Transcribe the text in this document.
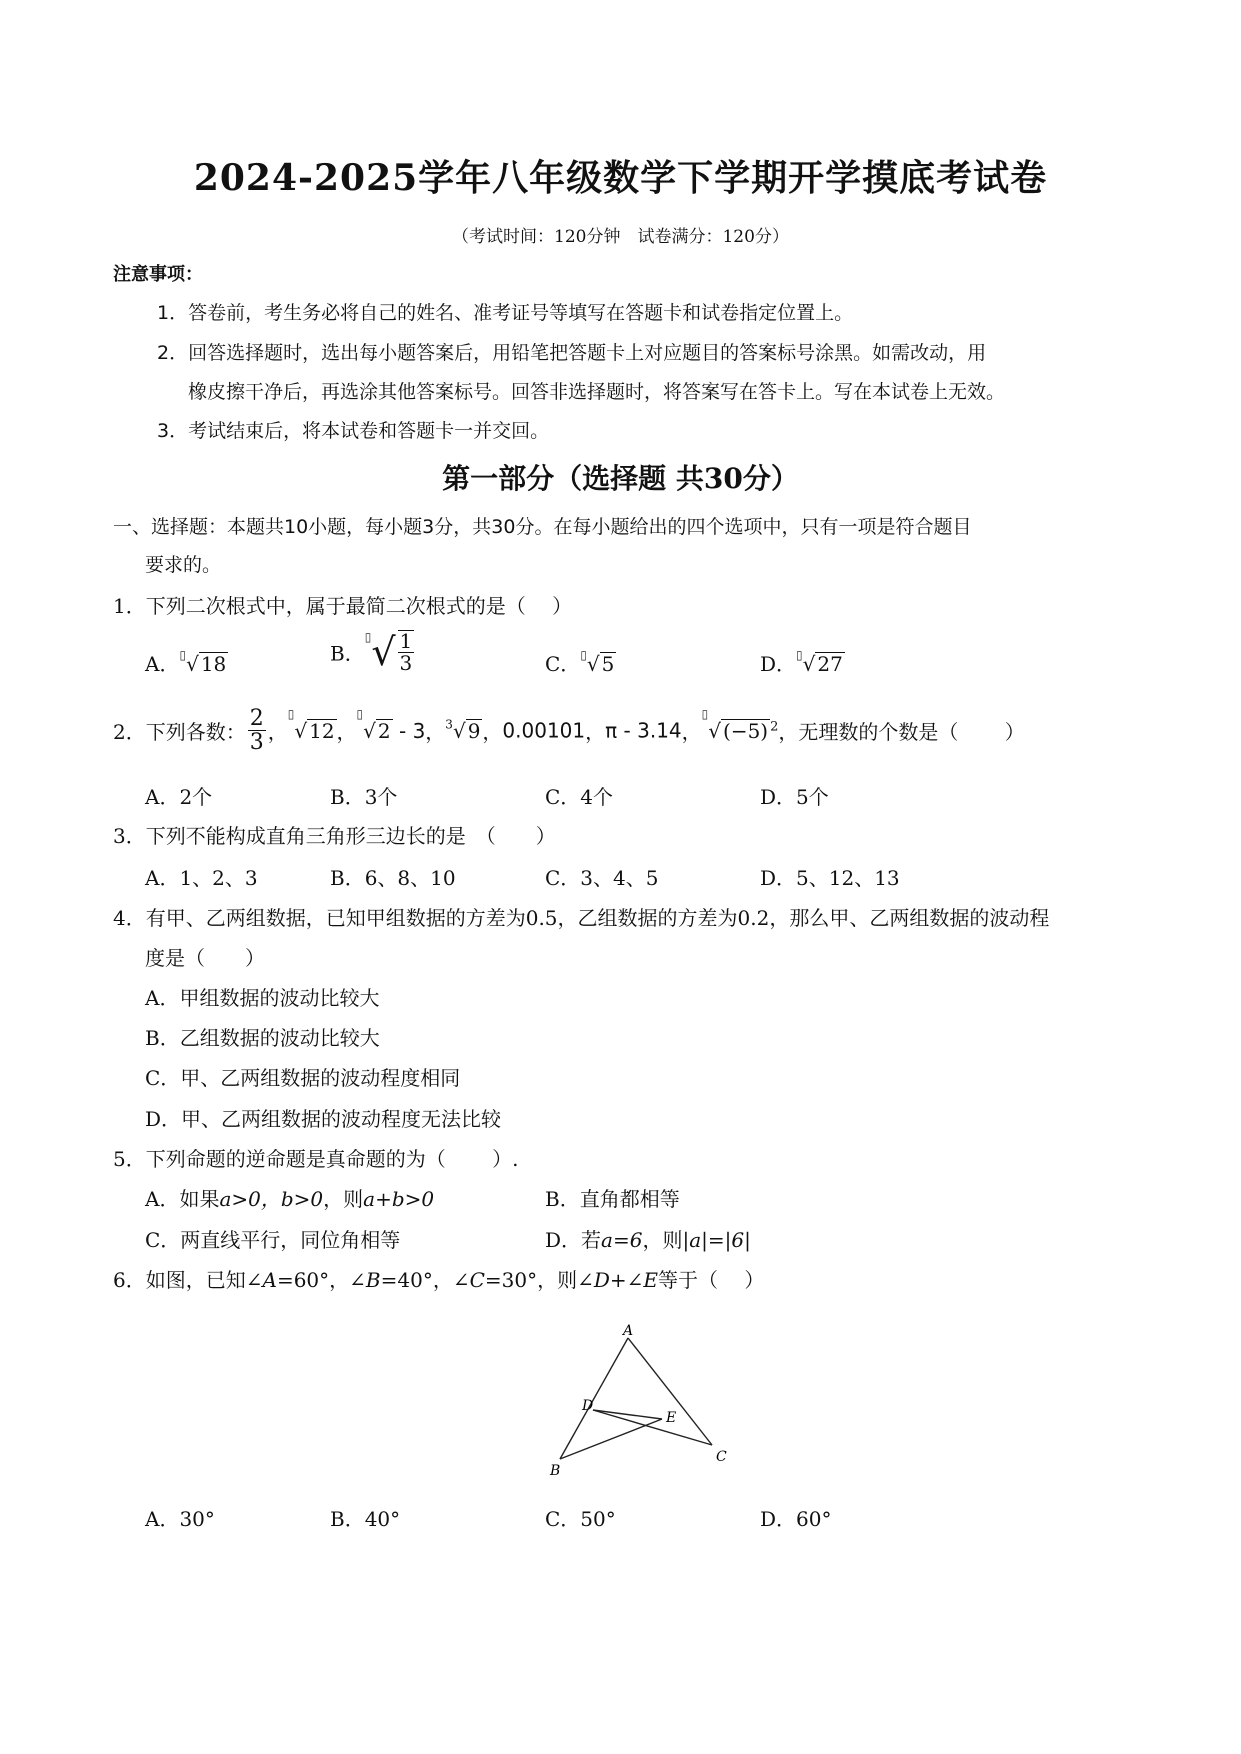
2024-2025学年八年级数学下学期开学摸底考试卷
（考试时间：120分钟　试卷满分：120分）
注意事项：
1．答卷前，考生务必将自己的姓名、准考证号等填写在答题卡和试卷指定位置上。
2．回答选择题时，选出每小题答案后，用铅笔把答题卡上对应题目的答案标号涂黑。如需改动，用
橡皮擦干净后，再选涂其他答案标号。回答非选择题时，将答案写在答卡上。写在本试卷上无效。
3．考试结束后，将本试卷和答题卡一并交回。
第一部分（选择题 共30分）
一、选择题：本题共10小题，每小题3分，共30分。在每小题给出的四个选项中，只有一项是符合题目
要求的。
1．下列二次根式中，属于最简二次根式的是（　 ）
A．▯√ 18	B．$^▯√ \frac{1}{3}$	C．▯√ 5	D．▯√ 27
2．下列各数： $\frac{2}{3}$ ，▯√ 12 ，▯√ 2 - 3，$^3$√ 9 ，0.00101，π - 3.14，▯√ (−5) $^2$，无理数的个数是（　　 ）
A．2个	B．3个	C．4个	D．5个
3．下列不能构成直角三角形三边长的是　（　　）
A．1、2、3	B．6、8、10	C．3、4、5	D．5、12、13
4．有甲、乙两组数据，已知甲组数据的方差为0.5，乙组数据的方差为0.2，那么甲、乙两组数据的波动程
度是（　　）
A．甲组数据的波动比较大
B．乙组数据的波动比较大
C．甲、乙两组数据的波动程度相同
D．甲、乙两组数据的波动程度无法比较
5．下列命题的逆命题是真命题的为（　　 ）.
A．如果a>0，b>0，则a+b>0	B．直角都相等
C．两直线平行，同位角相等	D．若a=6，则|a|=|6|
6．如图，已知∠A=60°，∠B=40°，∠C=30°，则∠D+∠E等于（　 ）
A
B
C
D
E
A．30°	B．40°	C．50°	D．60°
